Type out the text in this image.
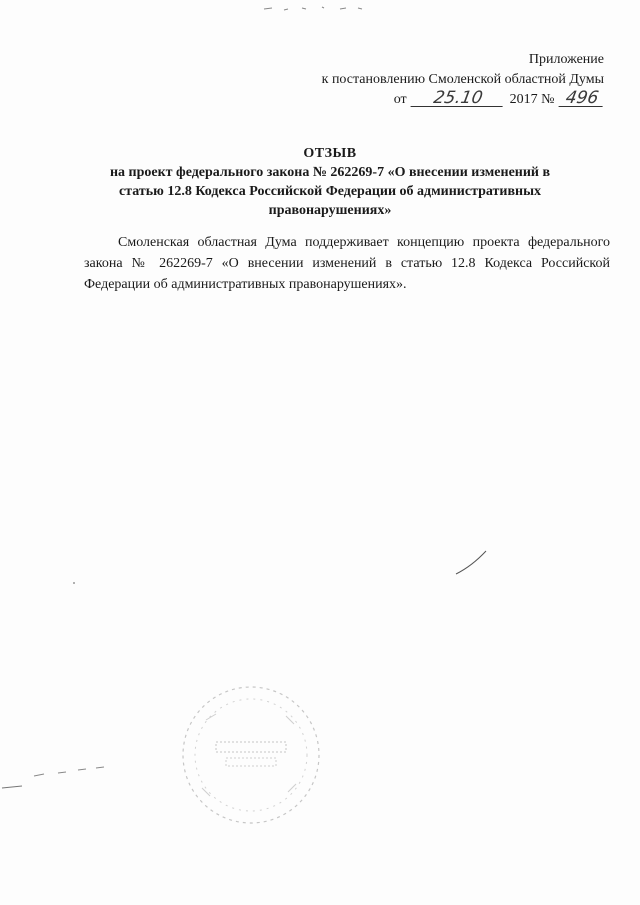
Приложение
к постановлению Смоленской областной Думы
от 25.10 2017 № 496
ОТЗЫВ
на проект федерального закона № 262269-7 «О внесении изменений в
статью 12.8 Кодекса Российской Федерации об административных
правонарушениях»
Смоленская областная Дума поддерживает концепцию проекта федерального закона № 262269-7 «О внесении изменений в статью 12.8 Кодекса Российской Федерации об административных правонарушениях».
